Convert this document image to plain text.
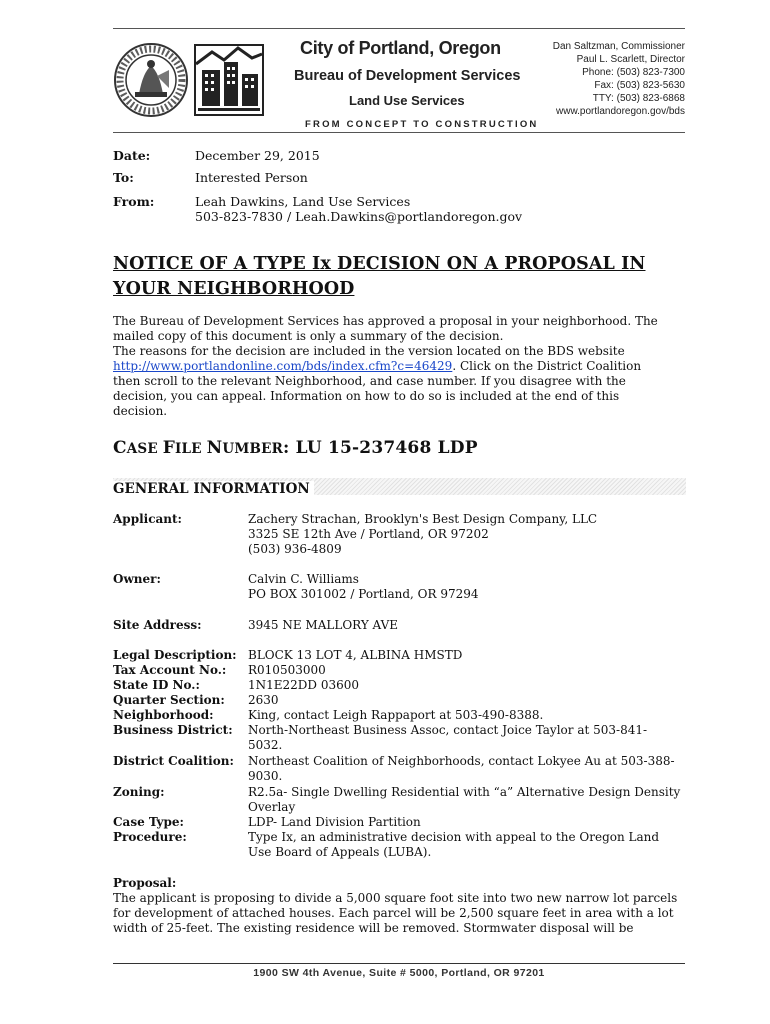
City of Portland, Oregon
Bureau of Development Services
Land Use Services
FROM CONCEPT TO CONSTRUCTION
Dan Saltzman, Commissioner
Paul L. Scarlett, Director
Phone: (503) 823-7300
Fax: (503) 823-5630
TTY: (503) 823-6868
www.portlandoregon.gov/bds
Date:	December 29, 2015
To:	Interested Person
From:	Leah Dawkins, Land Use Services
503-823-7830 / Leah.Dawkins@portlandoregon.gov
NOTICE OF A TYPE Ix DECISION ON A PROPOSAL IN
YOUR NEIGHBORHOOD
The Bureau of Development Services has approved a proposal in your neighborhood. The
mailed copy of this document is only a summary of the decision.
The reasons for the decision are included in the version located on the BDS website
http://www.portlandonline.com/bds/index.cfm?c=46429. Click on the District Coalition
then scroll to the relevant Neighborhood, and case number. If you disagree with the
decision, you can appeal. Information on how to do so is included at the end of this
decision.
CASE FILE NUMBER: LU 15-237468 LDP
GENERAL INFORMATION
Applicant:	Zachery Strachan, Brooklyn's Best Design Company, LLC
3325 SE 12th Ave / Portland, OR 97202
(503) 936-4809
Owner:	Calvin C. Williams
PO BOX 301002 / Portland, OR 97294
Site Address:	3945 NE MALLORY AVE
Legal Description: BLOCK 13 LOT 4, ALBINA HMSTD
Tax Account No.:	R010503000
State ID No.:	1N1E22DD 03600
Quarter Section:	2630
Neighborhood:	King, contact Leigh Rappaport at 503-490-8388.
Business District:	North-Northeast Business Assoc, contact Joice Taylor at 503-841-
5032.
District Coalition:	Northeast Coalition of Neighborhoods, contact Lokyee Au at 503-388-
9030.
Zoning:	R2.5a- Single Dwelling Residential with “a” Alternative Design Density
Overlay
Case Type:	LDP- Land Division Partition
Procedure:	Type Ix, an administrative decision with appeal to the Oregon Land
Use Board of Appeals (LUBA).
Proposal:
The applicant is proposing to divide a 5,000 square foot site into two new narrow lot parcels
for development of attached houses. Each parcel will be 2,500 square feet in area with a lot
width of 25-feet. The existing residence will be removed. Stormwater disposal will be
1900 SW 4th Avenue, Suite # 5000, Portland, OR 97201
